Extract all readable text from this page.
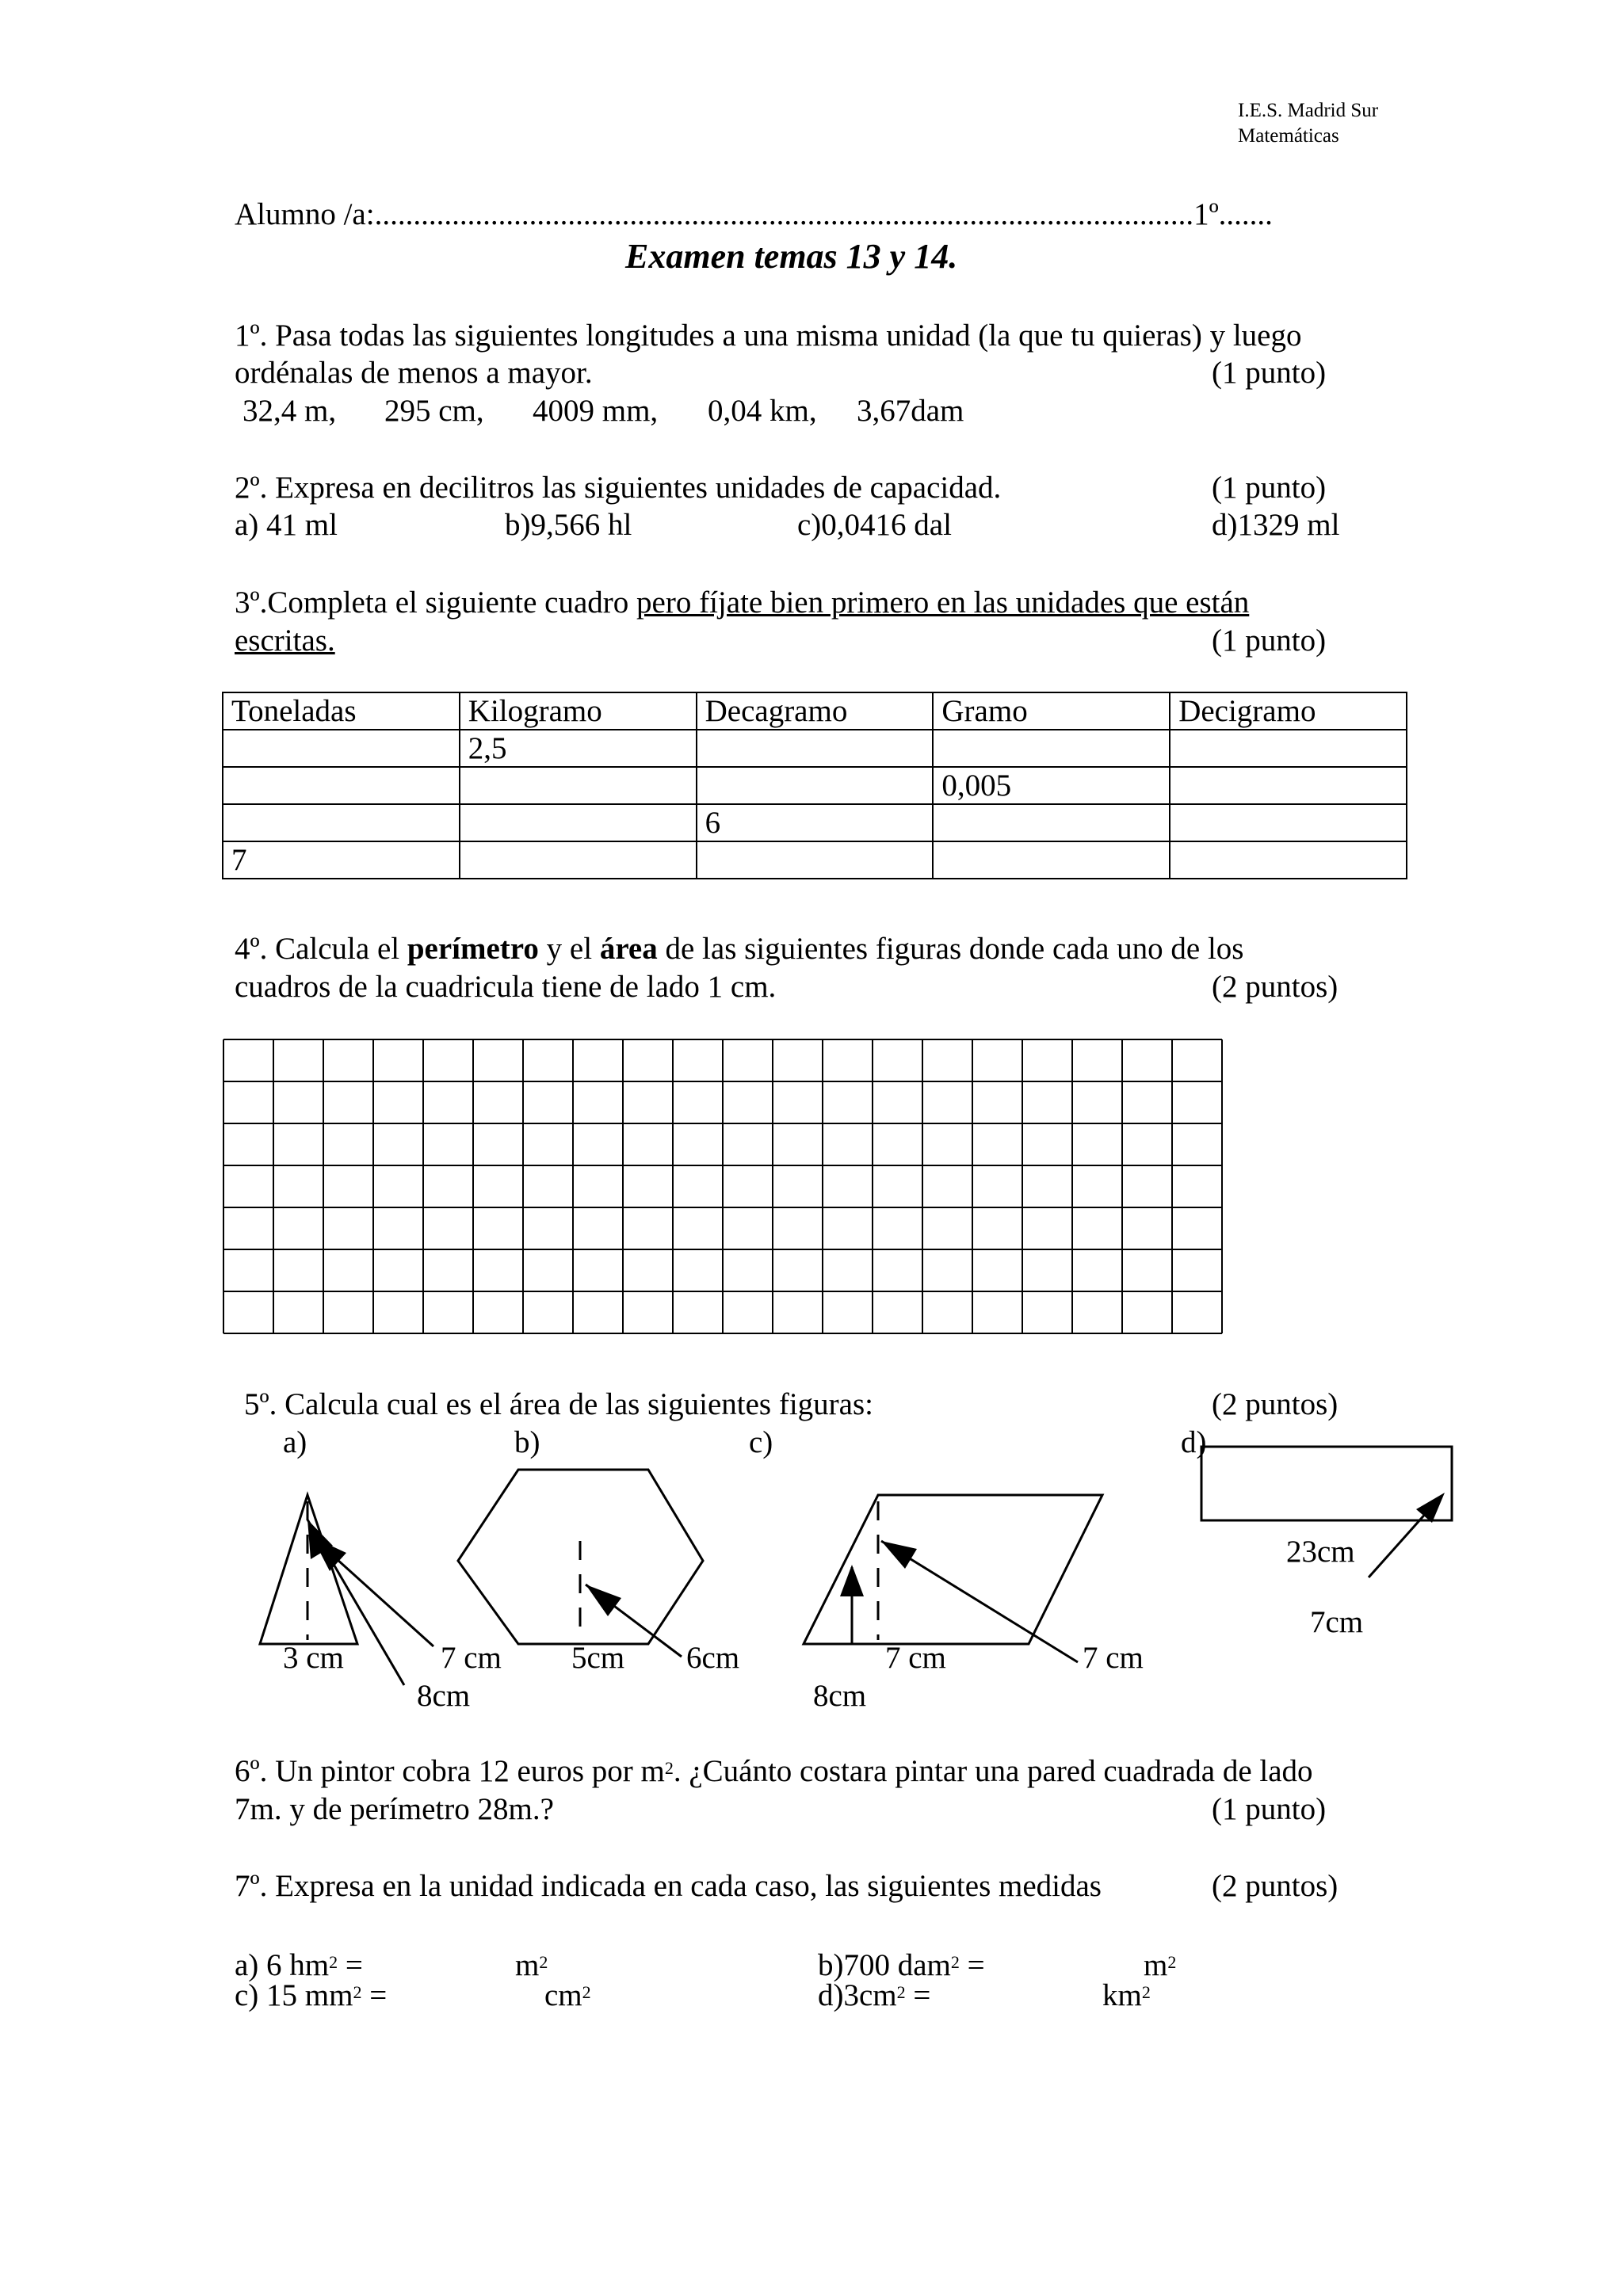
I.E.S. Madrid Sur
Matemáticas
Alumno /a:..........................................................................................................1º.......
Examen temas 13 y 14.
1º. Pasa todas las siguientes longitudes a una misma unidad (la que tu quieras) y luego
ordénalas de menos a mayor.	(1 punto)
32,4 m, 295 cm, 4009 mm, 0,04 km, 3,67dam
2º. Expresa en decilitros las siguientes unidades de capacidad.	(1 punto)
a) 41 ml	b)9,566 hl	c)0,0416 dal	d)1329 ml
3º.Completa el siguiente cuadro pero fíjate bien primero en las unidades que están
escritas.	(1 punto)
Toneladas	Kilogramo	Decagramo	Gramo	Decigramo
	2,5			
			0,005	
		6		
7				
4º. Calcula el perímetro y el área de las siguientes figuras donde cada uno de los
cuadros de la cuadricula tiene de lado 1 cm.	(2 puntos)
5º. Calcula cual es el área de las siguientes figuras:	(2 puntos)
a)	b)	c)	d)
3 cm	7 cm
8cm
5cm 6cm
8cm
7 cm	7 cm
23cm
7cm
6º. Un pintor cobra 12 euros por $m^2$. ¿Cuánto costara pintar una pared cuadrada de lado
7m. y de perímetro 28m.?	(1 punto)
7º. Expresa en la unidad indicada en cada caso, las siguientes medidas	(2 puntos)
a) 6 $hm^2$ =	$m^2$	b)700 dam$^2$ =	$m^2$
c) 15 $mm^2$ =	$cm^2$	$d)3cm^2$ =	$km^2$
